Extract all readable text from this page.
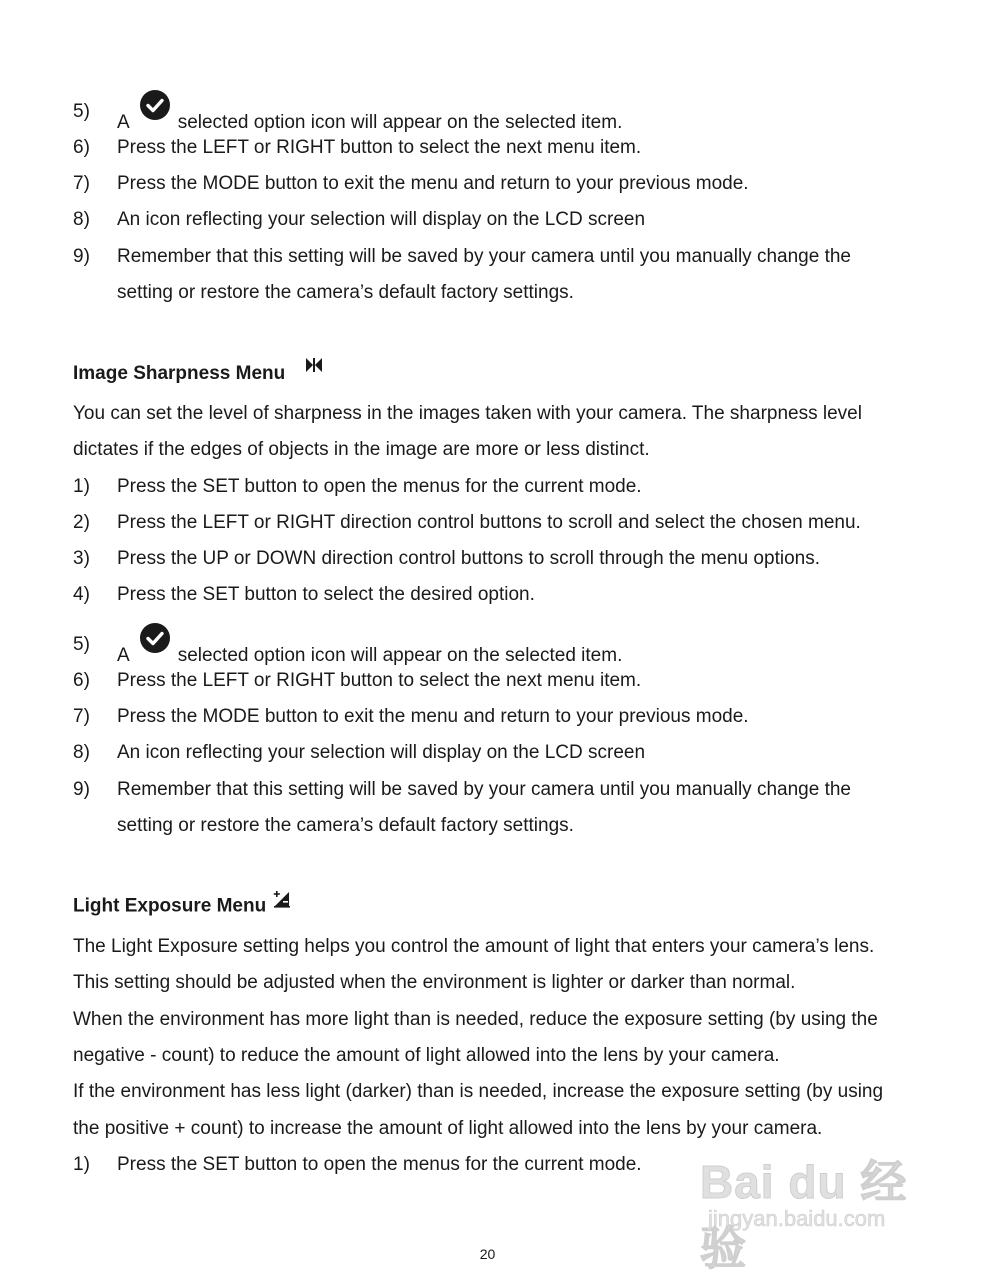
5)
A	selected option icon will appear on the selected item.
6) Press the LEFT or RIGHT button to select the next menu item.
7) Press the MODE button to exit the menu and return to your previous mode.
8) An icon reflecting your selection will display on the LCD screen
9) Remember that this setting will be saved by your camera until you manually change the
setting or restore the camera’s default factory settings.
Image Sharpness Menu
You can set the level of sharpness in the images taken with your camera. The sharpness level
dictates if the edges of objects in the image are more or less distinct.
1) Press the SET button to open the menus for the current mode.
2) Press the LEFT or RIGHT direction control buttons to scroll and select the chosen menu.
3) Press the UP or DOWN direction control buttons to scroll through the menu options.
4) Press the SET button to select the desired option.
5)
A	selected option icon will appear on the selected item.
6) Press the LEFT or RIGHT button to select the next menu item.
7) Press the MODE button to exit the menu and return to your previous mode.
8) An icon reflecting your selection will display on the LCD screen
9) Remember that this setting will be saved by your camera until you manually change the
setting or restore the camera’s default factory settings.
Light Exposure Menu
The Light Exposure setting helps you control the amount of light that enters your camera’s lens.
This setting should be adjusted when the environment is lighter or darker than normal.
When the environment has more light than is needed, reduce the exposure setting (by using the
negative - count) to reduce the amount of light allowed into the lens by your camera.
If the environment has less light (darker) than is needed, increase the exposure setting (by using
the positive + count) to increase the amount of light allowed into the lens by your camera.
1) Press the SET button to open the menus for the current mode. Bai du 经验
jingyan.baidu.com
20
